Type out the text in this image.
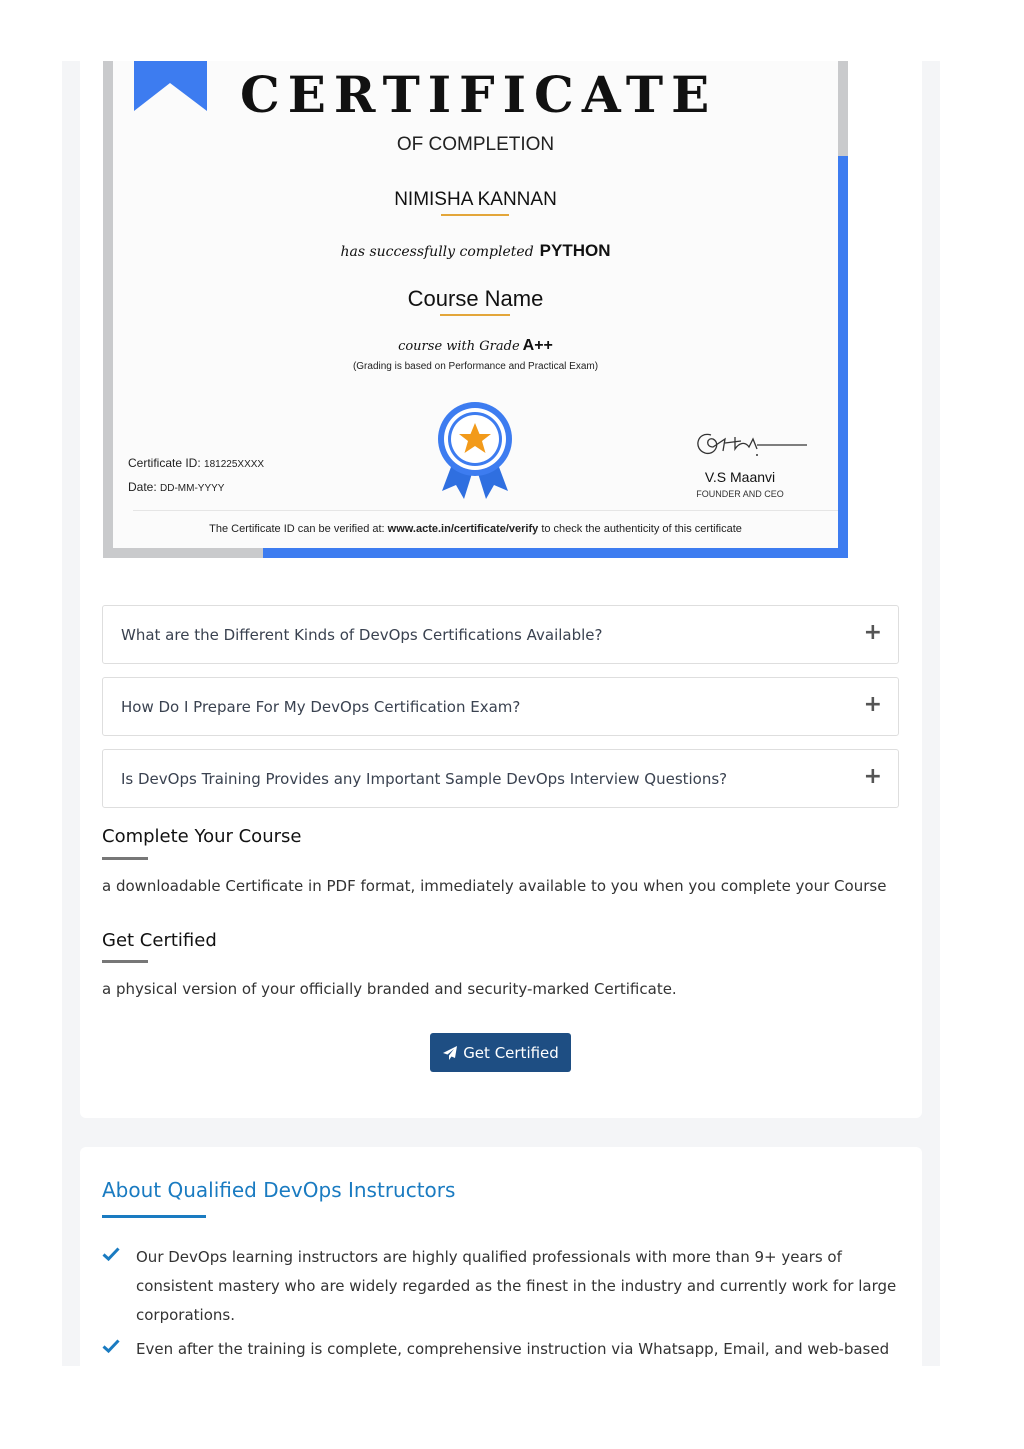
CERTIFICATE
OF COMPLETION
NIMISHA KANNAN
has successfully completed PYTHON
Course Name
course with Grade A++
(Grading is based on Performance and Practical Exam)
Certificate ID: 181225XXXX
Date: DD-MM-YYYY
V.S Maanvi
FOUNDER AND CEO
The Certificate ID can be verified at: www.acte.in/certificate/verify to check the authenticity of this certificate
What are the Different Kinds of DevOps Certifications Available?	+
How Do I Prepare For My DevOps Certification Exam?	+
Is DevOps Training Provides any Important Sample DevOps Interview Questions?	+
Complete Your Course
a downloadable Certificate in PDF format, immediately available to you when you complete your Course
Get Certified
a physical version of your officially branded and security-marked Certificate.
Get Certified
About Qualified DevOps Instructors
Our DevOps learning instructors are highly qualified professionals with more than 9+ years of
consistent mastery who are widely regarded as the finest in the industry and currently work for large
corporations.
Even after the training is complete, comprehensive instruction via Whatsapp, Email, and web-based
